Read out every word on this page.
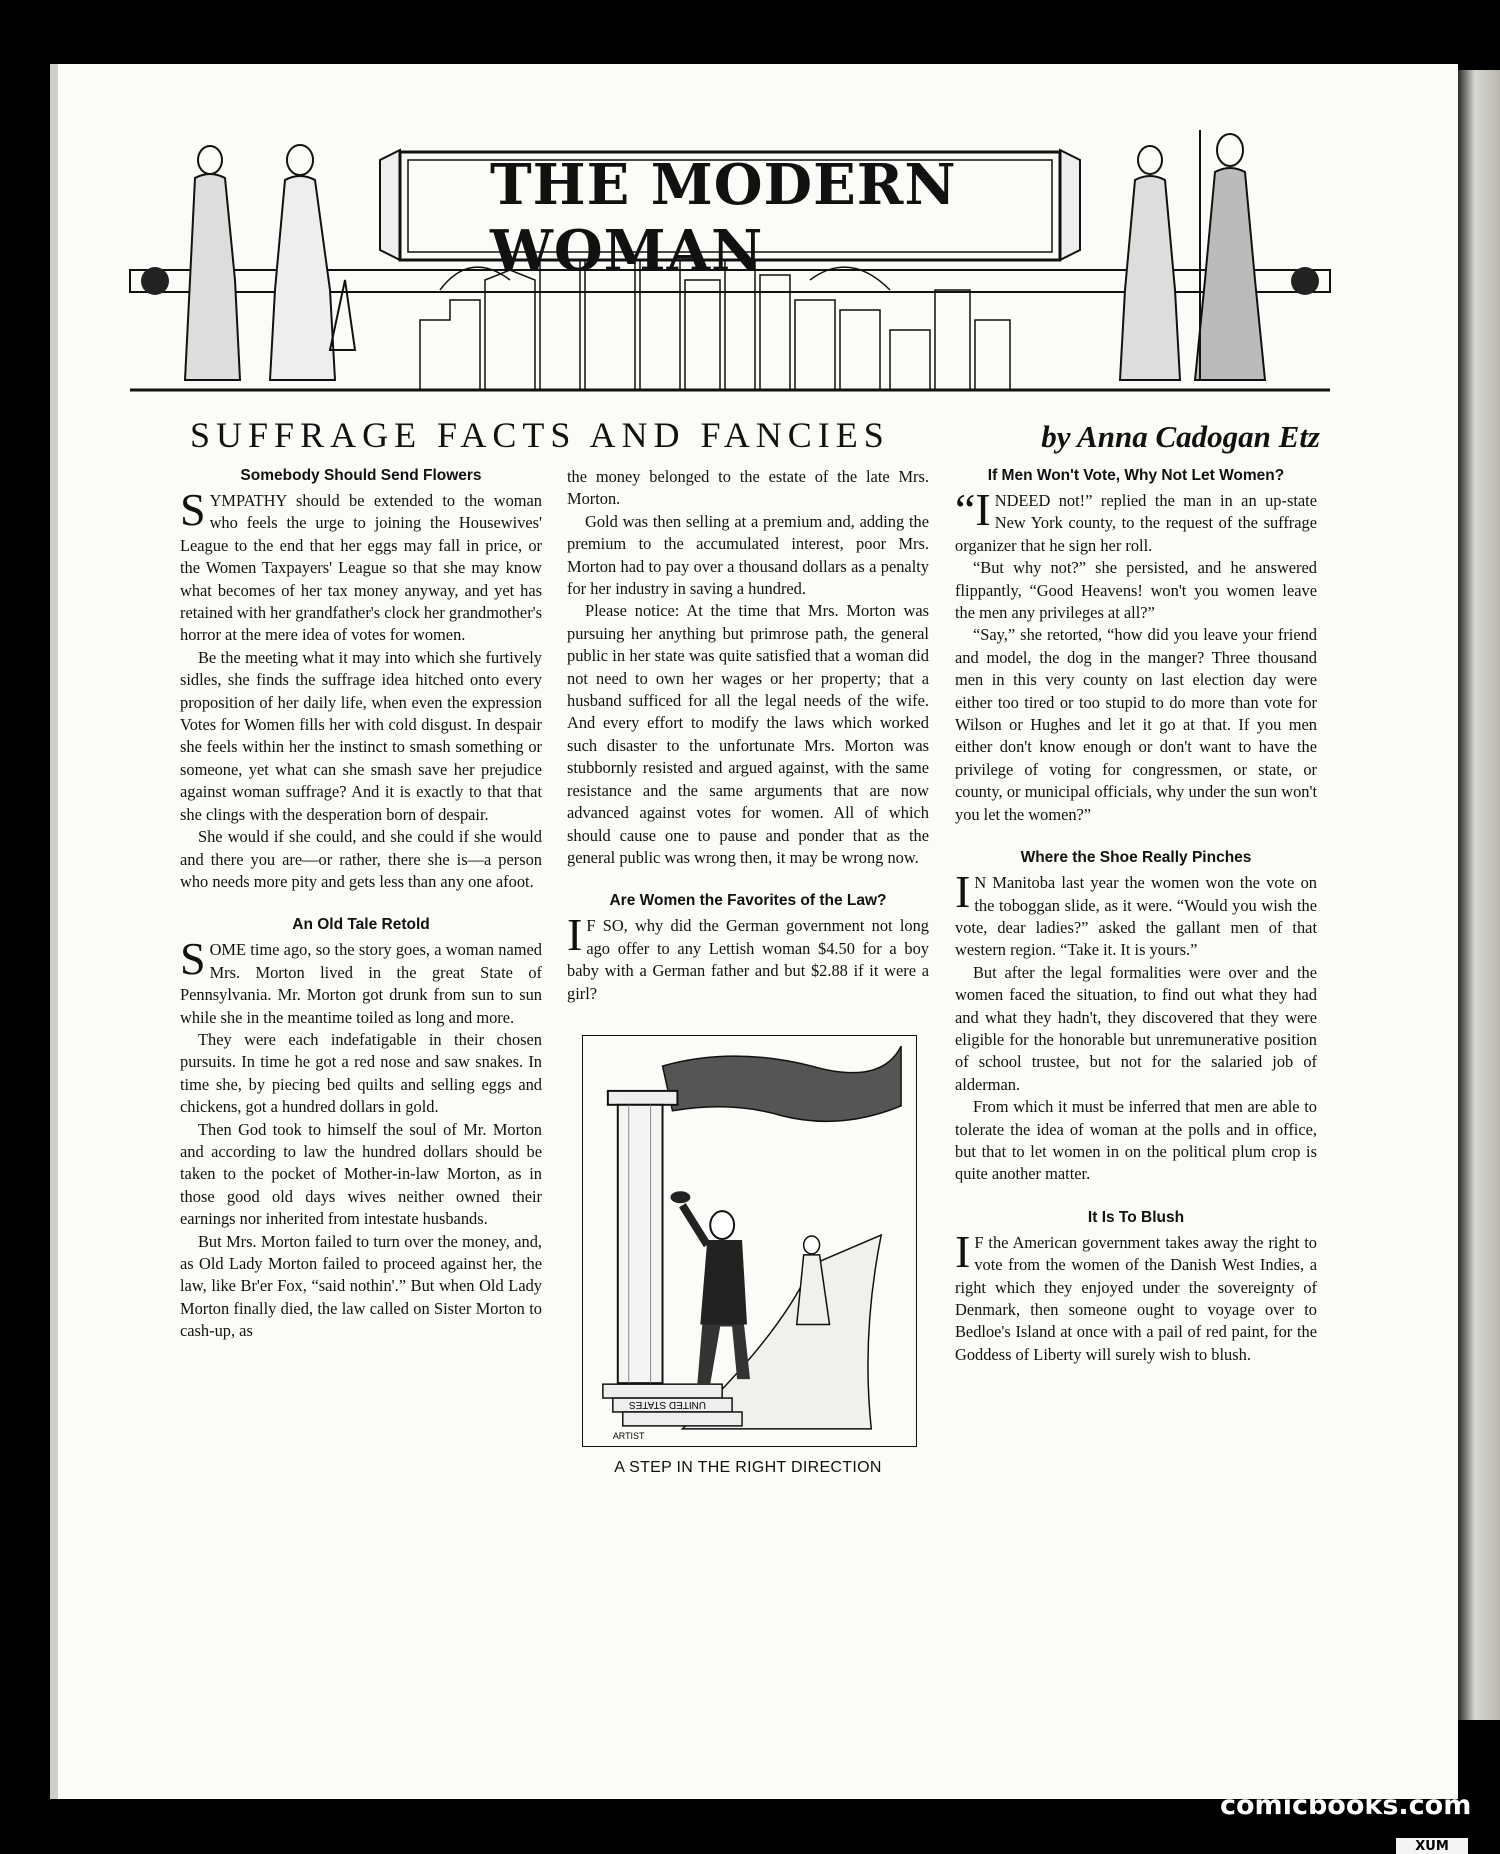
THE MODERN WOMAN
SUFFRAGE FACTS AND FANCIES	by Anna Cadogan Etz
Somebody Should Send Flowers

SYMPATHY should be extended to the woman who feels the urge to joining the Housewives' League to the end that her eggs may fall in price, or the Women Taxpayers' League so that she may know what becomes of her tax money anyway, and yet has retained with her grandfather's clock her grandmother's horror at the mere idea of votes for women.

Be the meeting what it may into which she furtively sidles, she finds the suffrage idea hitched onto every proposition of her daily life, when even the expression Votes for Women fills her with cold disgust. In despair she feels within her the instinct to smash something or someone, yet what can she smash save her prejudice against woman suffrage? And it is exactly to that that she clings with the desperation born of despair.

She would if she could, and she could if she would and there you are—or rather, there she is—a person who needs more pity and gets less than any one afoot.

An Old Tale Retold

SOME time ago, so the story goes, a woman named Mrs. Morton lived in the great State of Pennsylvania. Mr. Morton got drunk from sun to sun while she in the meantime toiled as long and more.

They were each indefatigable in their chosen pursuits. In time he got a red nose and saw snakes. In time she, by piecing bed quilts and selling eggs and chickens, got a hundred dollars in gold.

Then God took to himself the soul of Mr. Morton and according to law the hundred dollars should be taken to the pocket of Mother-in-law Morton, as in those good old days wives neither owned their earnings nor inherited from intestate husbands.

But Mrs. Morton failed to turn over the money, and, as Old Lady Morton failed to proceed against her, the law, like Br'er Fox, “said nothin'.” But when Old Lady Morton finally died, the law called on Sister Morton to cash-up, as

the money belonged to the estate of the late Mrs. Morton.

Gold was then selling at a premium and, adding the premium to the accumulated interest, poor Mrs. Morton had to pay over a thousand dollars as a penalty for her industry in saving a hundred.

Please notice: At the time that Mrs. Morton was pursuing her anything but primrose path, the general public in her state was quite satisfied that a woman did not need to own her wages or her property; that a husband sufficed for all the legal needs of the wife. And every effort to modify the laws which worked such disaster to the unfortunate Mrs. Morton was stubbornly resisted and argued against, with the same resistance and the same arguments that are now advanced against votes for women. All of which should cause one to pause and ponder that as the general public was wrong then, it may be wrong now.

Are Women the Favorites of the Law?

I F SO, why did the German government not long ago offer to any Lettish woman $4.50 for a boy baby with a German father and but $2.88 if it were a girl?

UNITED STATES
ARTIST
A STEP IN THE RIGHT DIRECTION
If Men Won't Vote, Why Not Let Women?

“INDEED not!” replied the man in an up-state New York county, to the request of the suffrage organizer that he sign her roll.

“But why not?” she persisted, and he answered flippantly, “Good Heavens! won't you women leave the men any privileges at all?”

“Say,” she retorted, “how did you leave your friend and model, the dog in the manger? Three thousand men in this very county on last election day were either too tired or too stupid to do more than vote for Wilson or Hughes and let it go at that. If you men either don't know enough or don't want to have the privilege of voting for congressmen, or state, or county, or municipal officials, why under the sun won't you let the women?”

Where the Shoe Really Pinches

I N Manitoba last year the women won the vote on the toboggan slide, as it were. “Would you wish the vote, dear ladies?” asked the gallant men of that western region. “Take it. It is yours.”

But after the legal formalities were over and the women faced the situation, to find out what they had and what they hadn't, they discovered that they were eligible for the honorable but unremunerative position of school trustee, but not for the salaried job of alderman.

From which it must be inferred that men are able to tolerate the idea of woman at the polls and in office, but that to let women in on the political plum crop is quite another matter.

It Is To Blush

I F the American government takes away the right to vote from the women of the Danish West Indies, a right which they enjoyed under the sovereignty of Denmark, then someone ought to voyage over to Bedloe's Island at once with a pail of red paint, for the Goddess of Liberty will surely wish to blush.

comicbooks.com
XUM
